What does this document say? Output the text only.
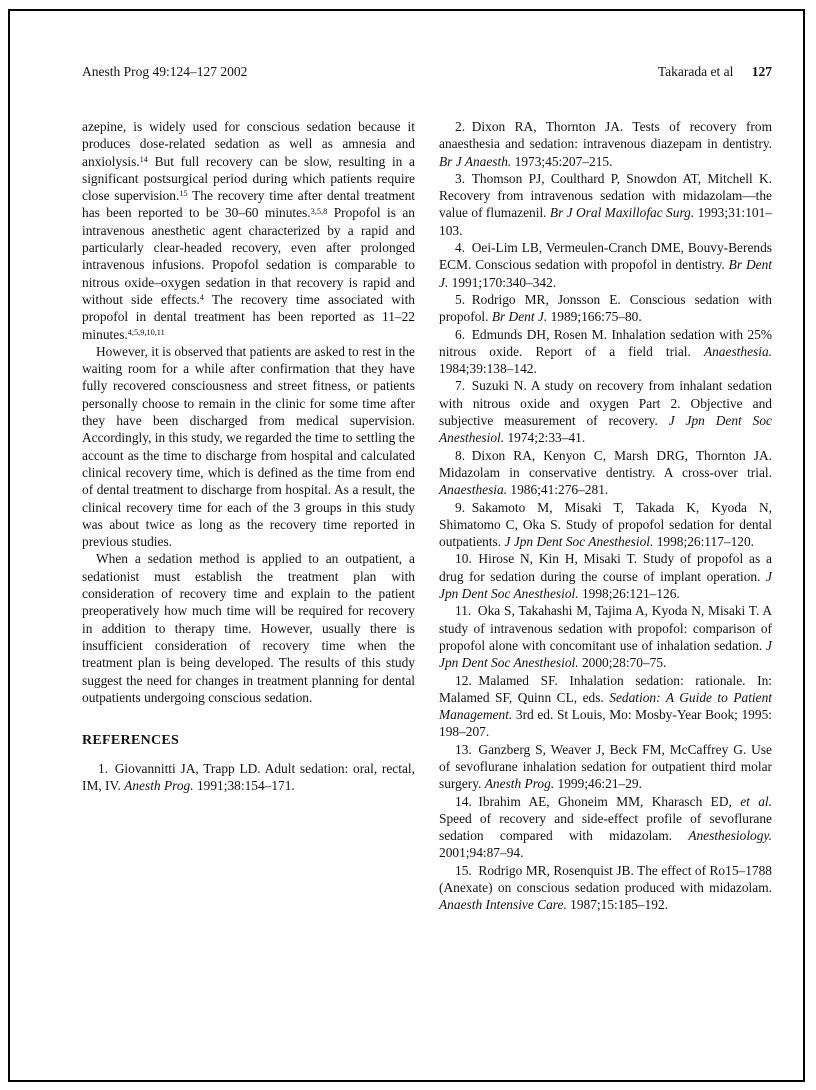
Anesth Prog 49:124–127 2002	Takarada et al 127

azepine, is widely used for conscious sedation because it produces dose-related sedation as well as amnesia and anxiolysis.$^{14}$ But full recovery can be slow, resulting in a significant postsurgical period during which patients require close supervision.$^{15}$ The recovery time after dental treatment has been reported to be 30–60 minutes.$^{3,5,8}$ Propofol is an intravenous anesthetic agent characterized by a rapid and particularly clear-headed recovery, even after prolonged intravenous infusions. Propofol sedation is comparable to nitrous oxide–oxygen sedation in that recovery is rapid and without side effects.$^4$ The recovery time associated with propofol in dental treatment has been reported as 11–22 minutes.$^{4,5,9,10,11}$

However, it is observed that patients are asked to rest in the waiting room for a while after confirmation that they have fully recovered consciousness and street fitness, or patients personally choose to remain in the clinic for some time after they have been discharged from medical supervision. Accordingly, in this study, we regarded the time to settling the account as the time to discharge from hospital and calculated clinical recovery time, which is defined as the time from end of dental treatment to discharge from hospital. As a result, the clinical recovery time for each of the 3 groups in this study was about twice as long as the recovery time reported in previous studies.

When a sedation method is applied to an outpatient, a sedationist must establish the treatment plan with consideration of recovery time and explain to the patient preoperatively how much time will be required for recovery in addition to therapy time. However, usually there is insufficient consideration of recovery time when the treatment plan is being developed. The results of this study suggest the need for changes in treatment planning for dental outpatients undergoing conscious sedation.

REFERENCES

1. Giovannitti JA, Trapp LD. Adult sedation: oral, rectal, IM, IV. Anesth Prog. 1991;38:154–171.

2. Dixon RA, Thornton JA. Tests of recovery from anaesthesia and sedation: intravenous diazepam in dentistry. Br J Anaesth. 1973;45:207–215.

3. Thomson PJ, Coulthard P, Snowdon AT, Mitchell K. Recovery from intravenous sedation with midazolam—the value of flumazenil. Br J Oral Maxillofac Surg. 1993;31:101–103.

4. Oei-Lim LB, Vermeulen-Cranch DME, Bouvy-Berends ECM. Conscious sedation with propofol in dentistry. Br Dent J. 1991;170:340–342.

5. Rodrigo MR, Jonsson E. Conscious sedation with propofol. Br Dent J. 1989;166:75–80.

6. Edmunds DH, Rosen M. Inhalation sedation with 25% nitrous oxide. Report of a field trial. Anaesthesia. 1984;39:138–142.

7. Suzuki N. A study on recovery from inhalant sedation with nitrous oxide and oxygen Part 2. Objective and subjective measurement of recovery. J Jpn Dent Soc Anesthesiol. 1974;2:33–41.

8. Dixon RA, Kenyon C, Marsh DRG, Thornton JA. Midazolam in conservative dentistry. A cross-over trial. Anaesthesia. 1986;41:276–281.

9. Sakamoto M, Misaki T, Takada K, Kyoda N, Shimatomo C, Oka S. Study of propofol sedation for dental outpatients. J Jpn Dent Soc Anesthesiol. 1998;26:117–120.

10. Hirose N, Kin H, Misaki T. Study of propofol as a drug for sedation during the course of implant operation. J Jpn Dent Soc Anesthesiol. 1998;26:121–126.

11. Oka S, Takahashi M, Tajima A, Kyoda N, Misaki T. A study of intravenous sedation with propofol: comparison of propofol alone with concomitant use of inhalation sedation. J Jpn Dent Soc Anesthesiol. 2000;28:70–75.

12. Malamed SF. Inhalation sedation: rationale. In: Malamed SF, Quinn CL, eds. Sedation: A Guide to Patient Management. 3rd ed. St Louis, Mo: Mosby-Year Book; 1995: 198–207.

13. Ganzberg S, Weaver J, Beck FM, McCaffrey G. Use of sevoflurane inhalation sedation for outpatient third molar surgery. Anesth Prog. 1999;46:21–29.

14. Ibrahim AE, Ghoneim MM, Kharasch ED, et al. Speed of recovery and side-effect profile of sevoflurane sedation compared with midazolam. Anesthesiology. 2001;94:87–94.

15. Rodrigo MR, Rosenquist JB. The effect of Ro15–1788 (Anexate) on conscious sedation produced with midazolam. Anaesth Intensive Care. 1987;15:185–192.
